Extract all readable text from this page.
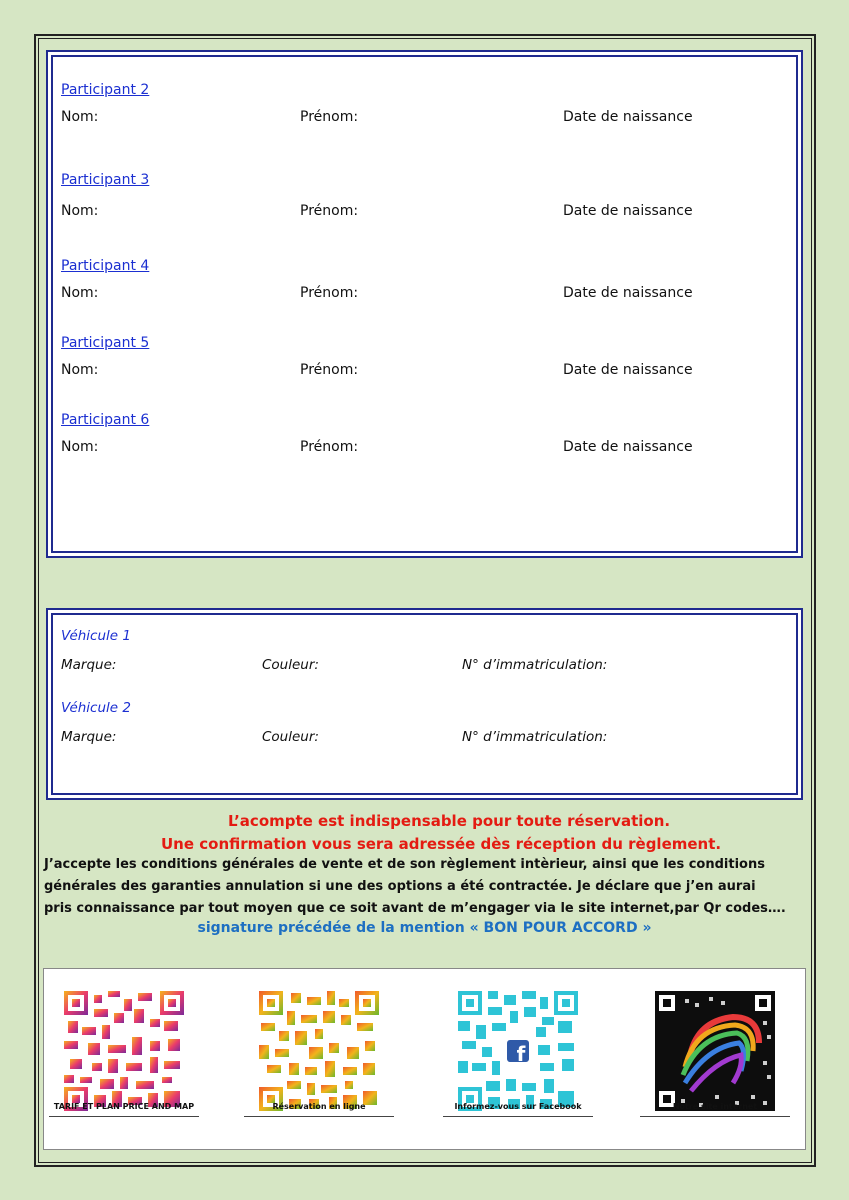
Participant 2
Nom:	Prénom:	Date de naissance
Participant 3
Nom:	Prénom:	Date de naissance
Participant 4
Nom:	Prénom:	Date de naissance
Participant 5
Nom:	Prénom:	Date de naissance
Participant 6
Nom:	Prénom:	Date de naissance
Véhicule 1
Marque:	Couleur:	N° d’immatriculation:
Véhicule 2
Marque:	Couleur:	N° d’immatriculation:
L’acompte est indispensable pour toute réservation.
Une confirmation vous sera adressée dès réception du règlement.
J’accepte les conditions générales de vente et de son règlement intèrieur, ainsi que les conditions
générales des garanties annulation si une des options a été contractée. Je déclare que j’en aurai
pris connaissance par tout moyen que ce soit avant de m’engager via le site internet,par Qr codes….
signature précédée de la mention « BON POUR ACCORD »
TARIF ET PLAN PRICE AND MAP	Réservation en ligne
f
Informez-vous sur Facebook	Notre site internet
